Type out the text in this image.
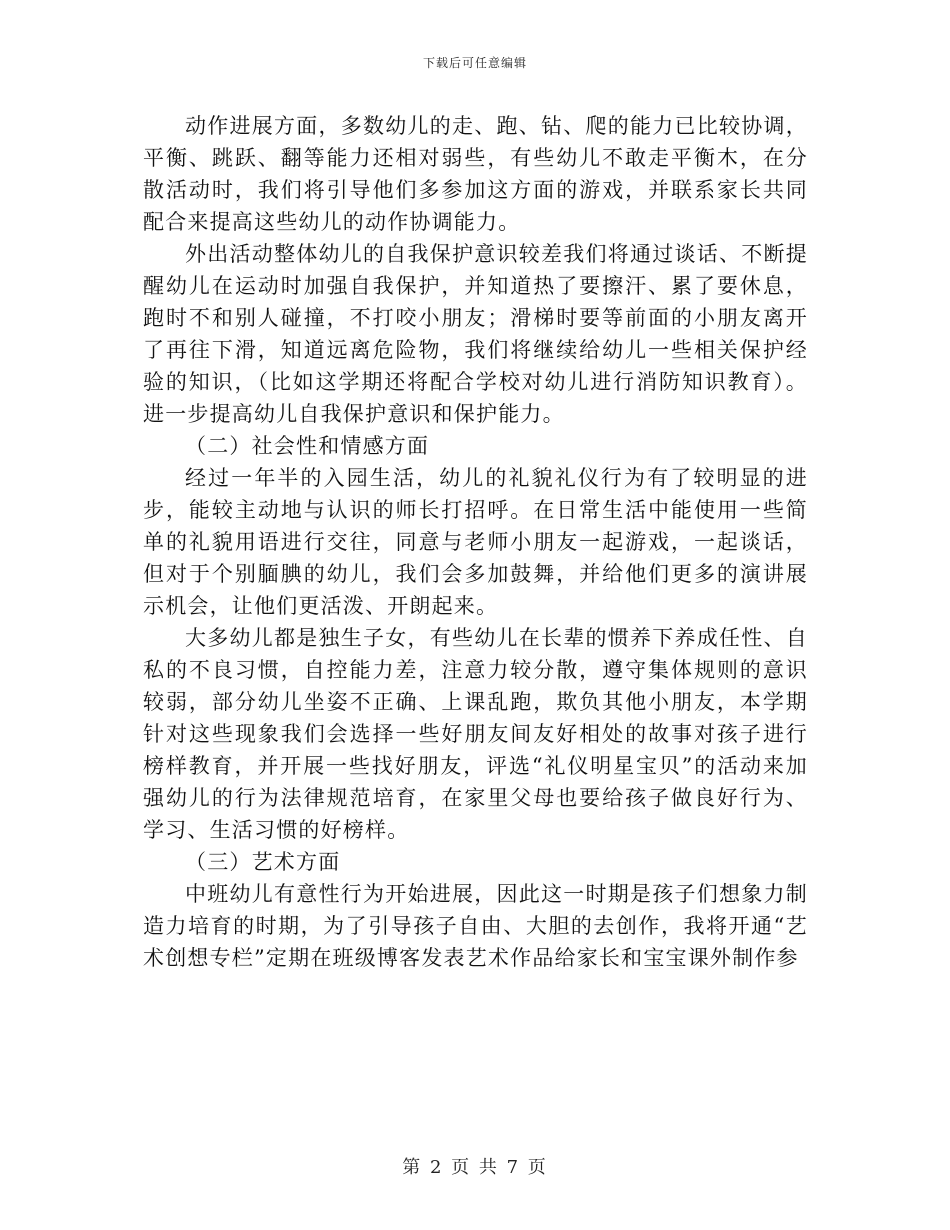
下载后可任意编辑

动作进展方面，多数幼儿的走、跑、钻、爬的能力已比较协调，平衡、跳跃、翻等能力还相对弱些，有些幼儿不敢走平衡木，在分散活动时，我们将引导他们多参加这方面的游戏，并联系家长共同配合来提高这些幼儿的动作协调能力。

外出活动整体幼儿的自我保护意识较差我们将通过谈话、不断提醒幼儿在运动时加强自我保护，并知道热了要擦汗、累了要休息，跑时不和别人碰撞，不打咬小朋友；滑梯时要等前面的小朋友离开了再往下滑，知道远离危险物，我们将继续给幼儿一些相关保护经验的知识，（比如这学期还将配合学校对幼儿进行消防知识教育）。进一步提高幼儿自我保护意识和保护能力。

（二）社会性和情感方面

经过一年半的入园生活，幼儿的礼貌礼仪行为有了较明显的进步，能较主动地与认识的师长打招呼。在日常生活中能使用一些简单的礼貌用语进行交往，同意与老师小朋友一起游戏，一起谈话，但对于个别腼腆的幼儿，我们会多加鼓舞，并给他们更多的演讲展示机会，让他们更活泼、开朗起来。

大多幼儿都是独生子女，有些幼儿在长辈的惯养下养成任性、自私的不良习惯，自控能力差，注意力较分散，遵守集体规则的意识较弱，部分幼儿坐姿不正确、上课乱跑，欺负其他小朋友，本学期针对这些现象我们会选择一些好朋友间友好相处的故事对孩子进行榜样教育，并开展一些找好朋友，评选“礼仪明星宝贝”的活动来加强幼儿的行为法律规范培育，在家里父母也要给孩子做良好行为、学习、生活习惯的好榜样。

（三）艺术方面

中班幼儿有意性行为开始进展，因此这一时期是孩子们想象力制造力培育的时期，为了引导孩子自由、大胆的去创作，我将开通“艺术创想专栏”定期在班级博客发表艺术作品给家长和宝宝课外制作参

第 2 页 共 7 页
